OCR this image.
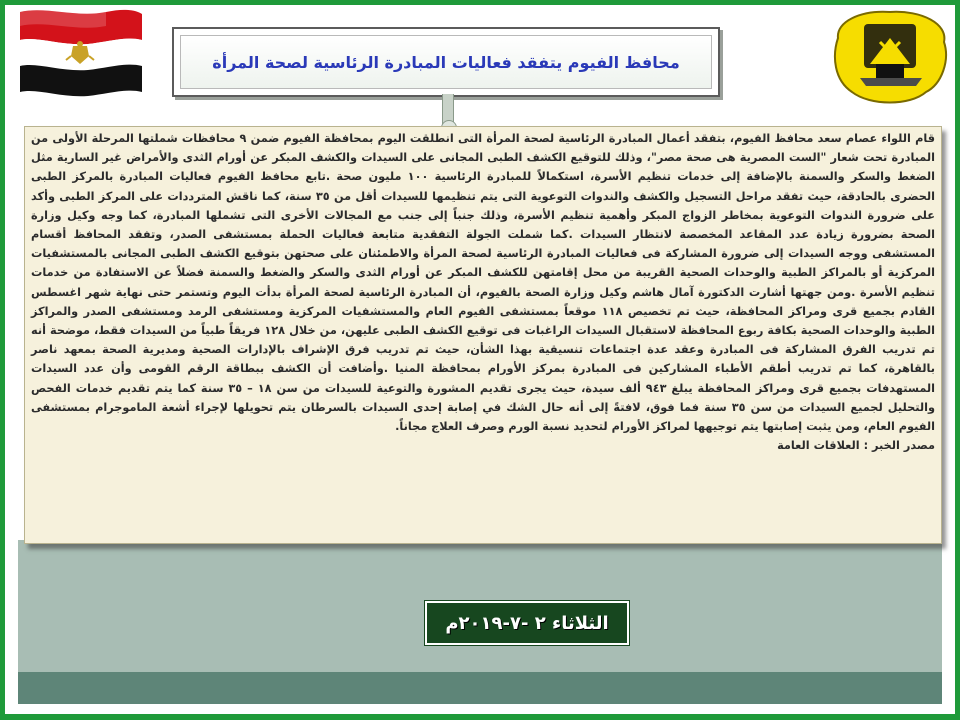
محافظ الفيوم يتفقد فعاليات المبادرة الرئاسية لصحة المرأة
قام اللواء عصام سعد محافظ الفيوم، بتفقد أعمال المبادرة الرئاسية لصحة المرأة التى انطلقت اليوم بمحافظة الفيوم ضمن ٩ محافظات شملتها المرحلة الأولى من المبادرة تحت شعار "الست المصرية هى صحة مصر"، وذلك للتوقيع الكشف الطبى المجانى على السيدات والكشف المبكر عن أورام الثدى والأمراض غير السارية مثل الضغط والسكر والسمنة بالإضافة إلى خدمات تنظيم الأسرة، استكمالاً للمبادرة الرئاسية ١٠٠ مليون صحة .تابع محافظ الفيوم فعاليات المبادرة بالمركز الطبى الحضرى بالحادقة، حيث تفقد مراحل التسجيل والكشف والندوات التوعوية التى يتم تنظيمها للسيدات أقل من ٣٥ سنة، كما ناقش المترددات على المركز الطبى وأكد على ضرورة الندوات التوعوية بمخاطر الزواج المبكر وأهمية تنظيم الأسرة، وذلك جنباً إلى جنب مع المجالات الأخرى التى تشملها المبادرة، كما وجه وكيل وزارة الصحة بضرورة زيادة عدد المقاعد المخصصة لانتظار السيدات .كما شملت الجولة التفقدية متابعة فعاليات الحملة بمستشفى الصدر، وتفقد المحافظ أقسام المستشفى ووجه السيدات إلى ضرورة المشاركة فى فعاليات المبادرة الرئاسية لصحة المرأة والاطمئنان على صحتهن بتوقيع الكشف الطبى المجانى بالمستشفيات المركزية أو بالمراكز الطبية والوحدات الصحية القريبة من محل إقامتهن للكشف المبكر عن أورام الثدى والسكر والضغط والسمنة فضلاً عن الاستفادة من خدمات تنظيم الأسرة .ومن جهتها أشارت الدكتورة آمال هاشم وكيل وزارة الصحة بالفيوم، أن المبادرة الرئاسية لصحة المرأة بدأت اليوم وتستمر حتى نهاية شهر اغسطس القادم بجميع قرى ومراكز المحافظة، حيث تم تخصيص ١١٨ موقعاً بمستشفى الفيوم العام والمستشفيات المركزية ومستشفى الرمد ومستشفى الصدر والمراكز الطبية والوحدات الصحية بكافة ربوع المحافظة لاستقبال السيدات الراغبات فى توقيع الكشف الطبى عليهن، من خلال ١٢٨ فريقاً طبياً من السيدات فقط، موضحة أنه تم تدريب الفرق المشاركة فى المبادرة وعقد عدة اجتماعات تنسيقية بهذا الشأن، حيث تم تدريب فرق الإشراف بالإدارات الصحية ومديرية الصحة بمعهد ناصر بالقاهرة، كما تم تدريب أطقم الأطباء المشاركين فى المبادرة بمركز الأورام بمحافظة المنيا .وأضافت أن الكشف ببطاقة الرقم القومى وأن عدد السيدات المستهدفات بجميع قرى ومراكز المحافظة يبلغ ٩٤٣ ألف سيدة، حيث يجرى تقديم المشورة والتوعية للسيدات من سن ١٨ – ٣٥ سنة كما يتم تقديم خدمات الفحص والتحليل لجميع السيدات من سن ٣٥ سنة فما فوق، لافتةً إلى أنه حال الشك في إصابة إحدى السيدات بالسرطان يتم تحويلها لإجراء أشعة الماموجرام بمستشفى الفيوم العام، ومن يثبت إصابتها يتم توجيهها لمراكز الأورام لتحديد نسبة الورم وصرف العلاج مجاناً.
مصدر الخبر : العلاقات العامة
الثلاثاء ٢ -٧-٢٠١٩م
